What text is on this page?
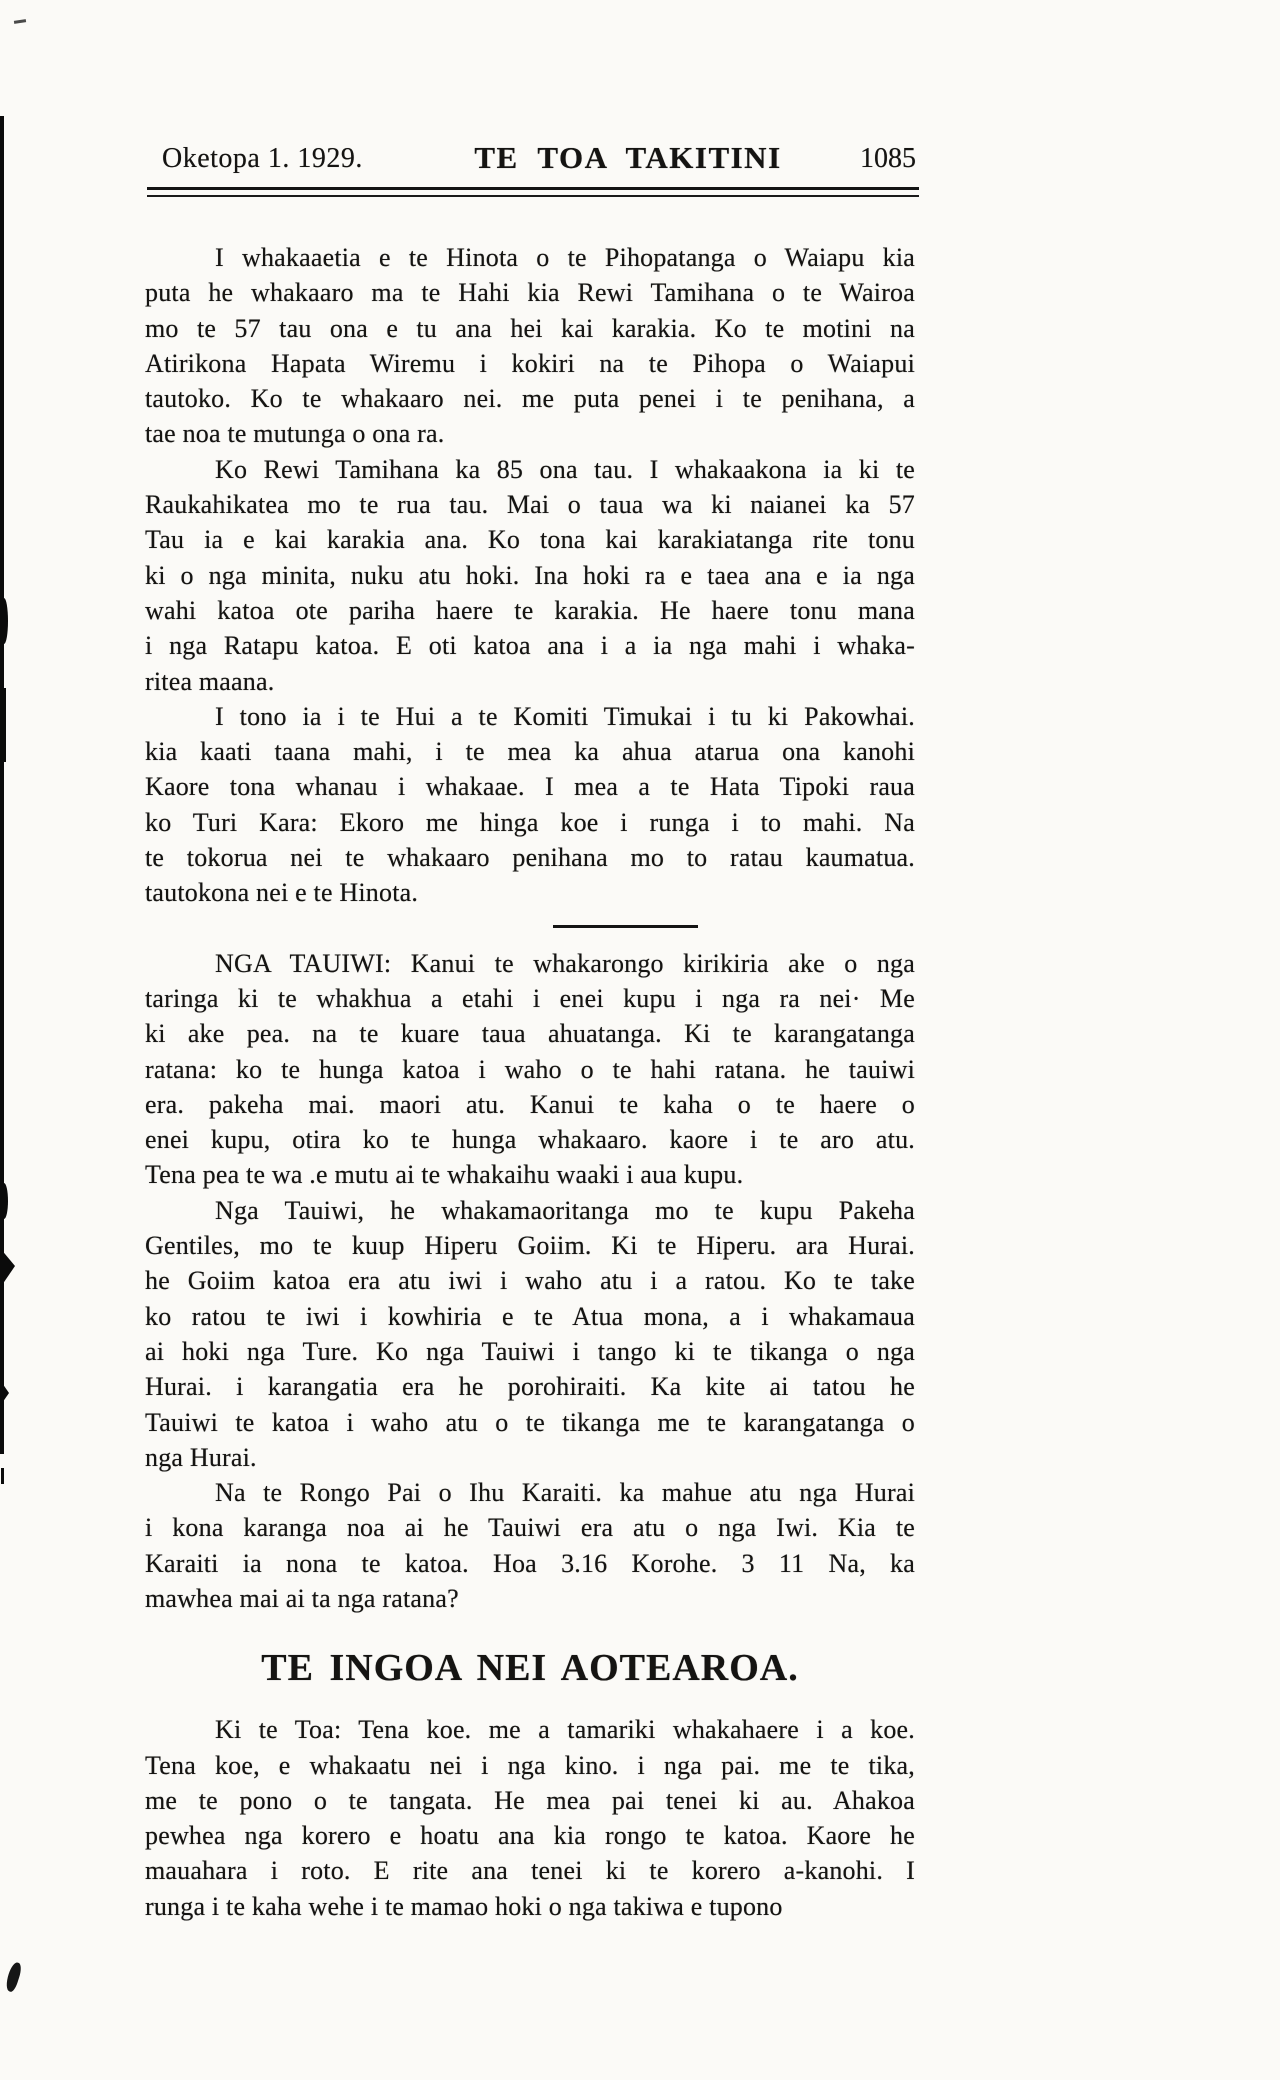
Oketopa 1. 1929.	TE TOA TAKITINI	1085

I whakaaetia e te Hinota o te Pihopatanga o Waiapu kia
puta he whakaaro ma te Hahi kia Rewi Tamihana o te Wairoa
mo te 57 tau ona e tu ana hei kai karakia. Ko te motini na
Atirikona Hapata Wiremu i kokiri na te Pihopa o Waiapui
tautoko. Ko te whakaaro nei. me puta penei i te penihana, a
tae noa te mutunga o ona ra.

Ko Rewi Tamihana ka 85 ona tau. I whakaakona ia ki te
Raukahikatea mo te rua tau. Mai o taua wa ki naianei ka 57
Tau ia e kai karakia ana. Ko tona kai karakiatanga rite tonu
ki o nga minita, nuku atu hoki. Ina hoki ra e taea ana e ia nga
wahi katoa ote pariha haere te karakia. He haere tonu mana
i nga Ratapu katoa. E oti katoa ana i a ia nga mahi i whaka-
ritea maana.

I tono ia i te Hui a te Komiti Timukai i tu ki Pakowhai.
kia kaati taana mahi, i te mea ka ahua atarua ona kanohi
Kaore tona whanau i whakaae. I mea a te Hata Tipoki raua
ko Turi Kara: Ekoro me hinga koe i runga i to mahi. Na
te tokorua nei te whakaaro penihana mo to ratau kaumatua.
tautokona nei e te Hinota.

NGA TAUIWI: Kanui te whakarongo kirikiria ake o nga
taringa ki te whakhua a etahi i enei kupu i nga ra nei· Me
ki ake pea. na te kuare taua ahuatanga. Ki te karangatanga
ratana: ko te hunga katoa i waho o te hahi ratana. he tauiwi
era. pakeha mai. maori atu. Kanui te kaha o te haere o
enei kupu, otira ko te hunga whakaaro. kaore i te aro atu.
Tena pea te wa .e mutu ai te whakaihu waaki i aua kupu.

Nga Tauiwi, he whakamaoritanga mo te kupu Pakeha
Gentiles, mo te kuup Hiperu Goiim. Ki te Hiperu. ara Hurai.
he Goiim katoa era atu iwi i waho atu i a ratou. Ko te take
ko ratou te iwi i kowhiria e te Atua mona, a i whakamaua
ai hoki nga Ture. Ko nga Tauiwi i tango ki te tikanga o nga
Hurai. i karangatia era he porohiraiti. Ka kite ai tatou he
Tauiwi te katoa i waho atu o te tikanga me te karangatanga o
nga Hurai.

Na te Rongo Pai o Ihu Karaiti. ka mahue atu nga Hurai
i kona karanga noa ai he Tauiwi era atu o nga Iwi. Kia te
Karaiti ia nona te katoa. Hoa 3.16 Korohe. 3 11 Na, ka
mawhea mai ai ta nga ratana?

TE INGOA NEI AOTEAROA.

Ki te Toa: Tena koe. me a tamariki whakahaere i a koe.
Tena koe, e whakaatu nei i nga kino. i nga pai. me te tika,
me te pono o te tangata. He mea pai tenei ki au. Ahakoa
pewhea nga korero e hoatu ana kia rongo te katoa. Kaore he
mauahara i roto. E rite ana tenei ki te korero a-kanohi. I
runga i te kaha wehe i te mamao hoki o nga takiwa e tupono
